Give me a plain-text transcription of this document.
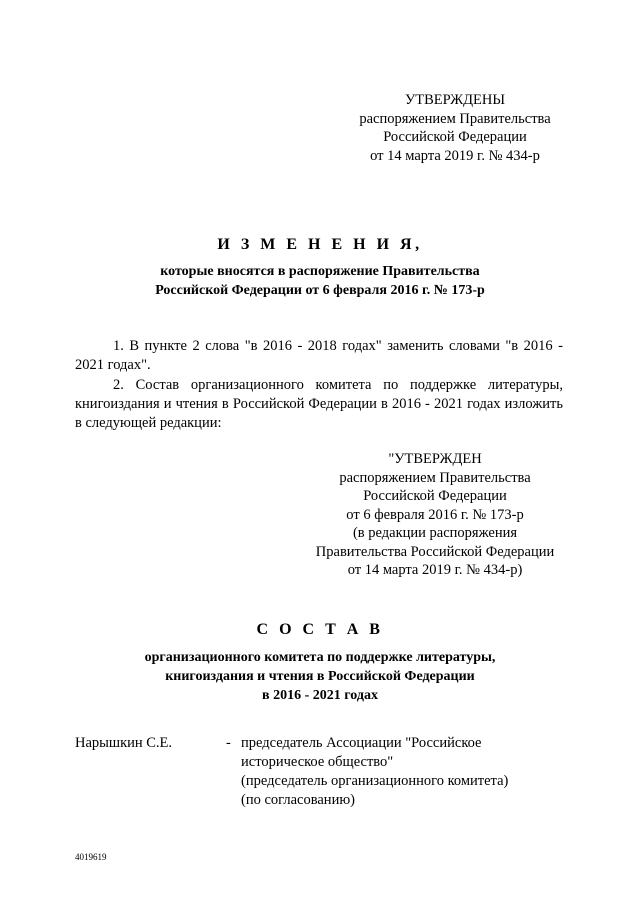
УТВЕРЖДЕНЫ
распоряжением Правительства
Российской Федерации
от 14 марта 2019 г. № 434-р
И З М Е Н Е Н И Я,
которые вносятся в распоряжение Правительства
Российской Федерации от 6 февраля 2016 г. № 173-р
1. В пункте 2 слова "в 2016 - 2018 годах" заменить словами "в 2016 - 2021 годах".
2. Состав организационного комитета по поддержке литературы, книгоиздания и чтения в Российской Федерации в 2016 - 2021 годах изложить в следующей редакции:
"УТВЕРЖДЕН
распоряжением Правительства
Российской Федерации
от 6 февраля 2016 г. № 173-р
(в редакции распоряжения
Правительства Российской Федерации
от 14 марта 2019 г. № 434-р)
С О С Т А В
организационного комитета по поддержке литературы,
книгоиздания и чтения в Российской Федерации
в 2016 - 2021 годах
Нарышкин С.Е.	- председатель Ассоциации "Российское
историческое общество"
(председатель организационного комитета)
(по согласованию)
4019619
